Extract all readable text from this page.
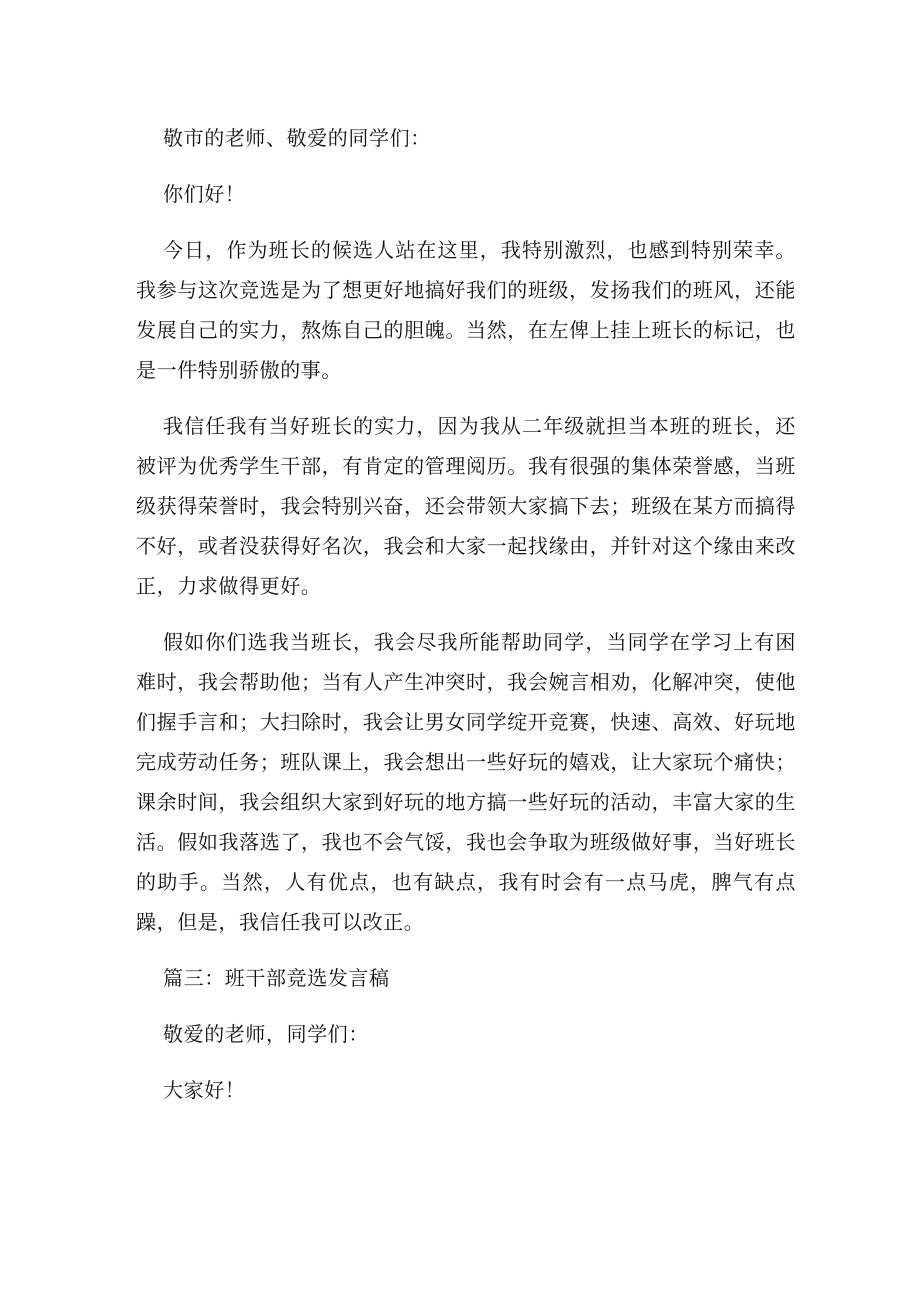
敬市的老师、敬爱的同学们：

你们好！

今日，作为班长的候选人站在这里，我特别激烈，也感到特别荣幸。我参与这次竞选是为了想更好地搞好我们的班级，发扬我们的班风，还能发展自己的实力，熬炼自己的胆魄。当然，在左俾上挂上班长的标记，也是一件特别骄傲的事。

我信任我有当好班长的实力，因为我从二年级就担当本班的班长，还被评为优秀学生干部，有肯定的管理阅历。我有很强的集体荣誉感，当班级获得荣誉时，我会特别兴奋，还会带领大家搞下去；班级在某方而搞得不好，或者没获得好名次，我会和大家一起找缘由，并针对这个缘由来改正，力求做得更好。

假如你们选我当班长，我会尽我所能帮助同学，当同学在学习上有困难时，我会帮助他；当有人产生冲突时，我会婉言相劝，化解冲突，使他们握手言和；大扫除时，我会让男女同学绽开竞赛，快速、高效、好玩地完成劳动任务；班队课上，我会想出一些好玩的嬉戏，让大家玩个痛快；课余时间，我会组织大家到好玩的地方搞一些好玩的活动，丰富大家的生活。假如我落选了，我也不会气馁，我也会争取为班级做好事，当好班长的助手。当然，人有优点，也有缺点，我有时会有一点马虎，脾气有点躁，但是，我信任我可以改正。

篇三：班干部竞选发言稿

敬爱的老师，同学们：

大家好！
